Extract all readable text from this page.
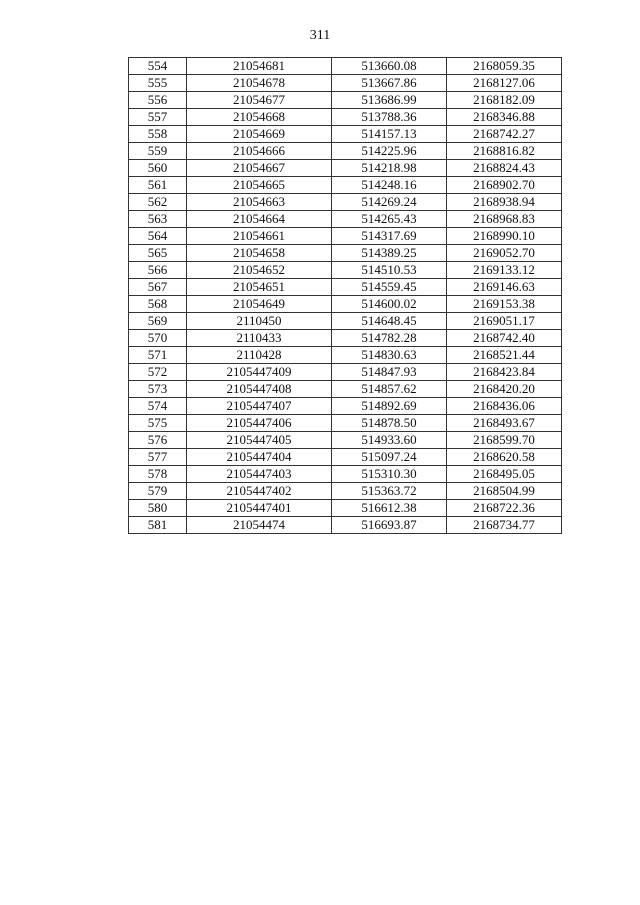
311
554	21054681	513660.08	2168059.35
555	21054678	513667.86	2168127.06
556	21054677	513686.99	2168182.09
557	21054668	513788.36	2168346.88
558	21054669	514157.13	2168742.27
559	21054666	514225.96	2168816.82
560	21054667	514218.98	2168824.43
561	21054665	514248.16	2168902.70
562	21054663	514269.24	2168938.94
563	21054664	514265.43	2168968.83
564	21054661	514317.69	2168990.10
565	21054658	514389.25	2169052.70
566	21054652	514510.53	2169133.12
567	21054651	514559.45	2169146.63
568	21054649	514600.02	2169153.38
569	2110450	514648.45	2169051.17
570	2110433	514782.28	2168742.40
571	2110428	514830.63	2168521.44
572	2105447409	514847.93	2168423.84
573	2105447408	514857.62	2168420.20
574	2105447407	514892.69	2168436.06
575	2105447406	514878.50	2168493.67
576	2105447405	514933.60	2168599.70
577	2105447404	515097.24	2168620.58
578	2105447403	515310.30	2168495.05
579	2105447402	515363.72	2168504.99
580	2105447401	516612.38	2168722.36
581	21054474	516693.87	2168734.77
